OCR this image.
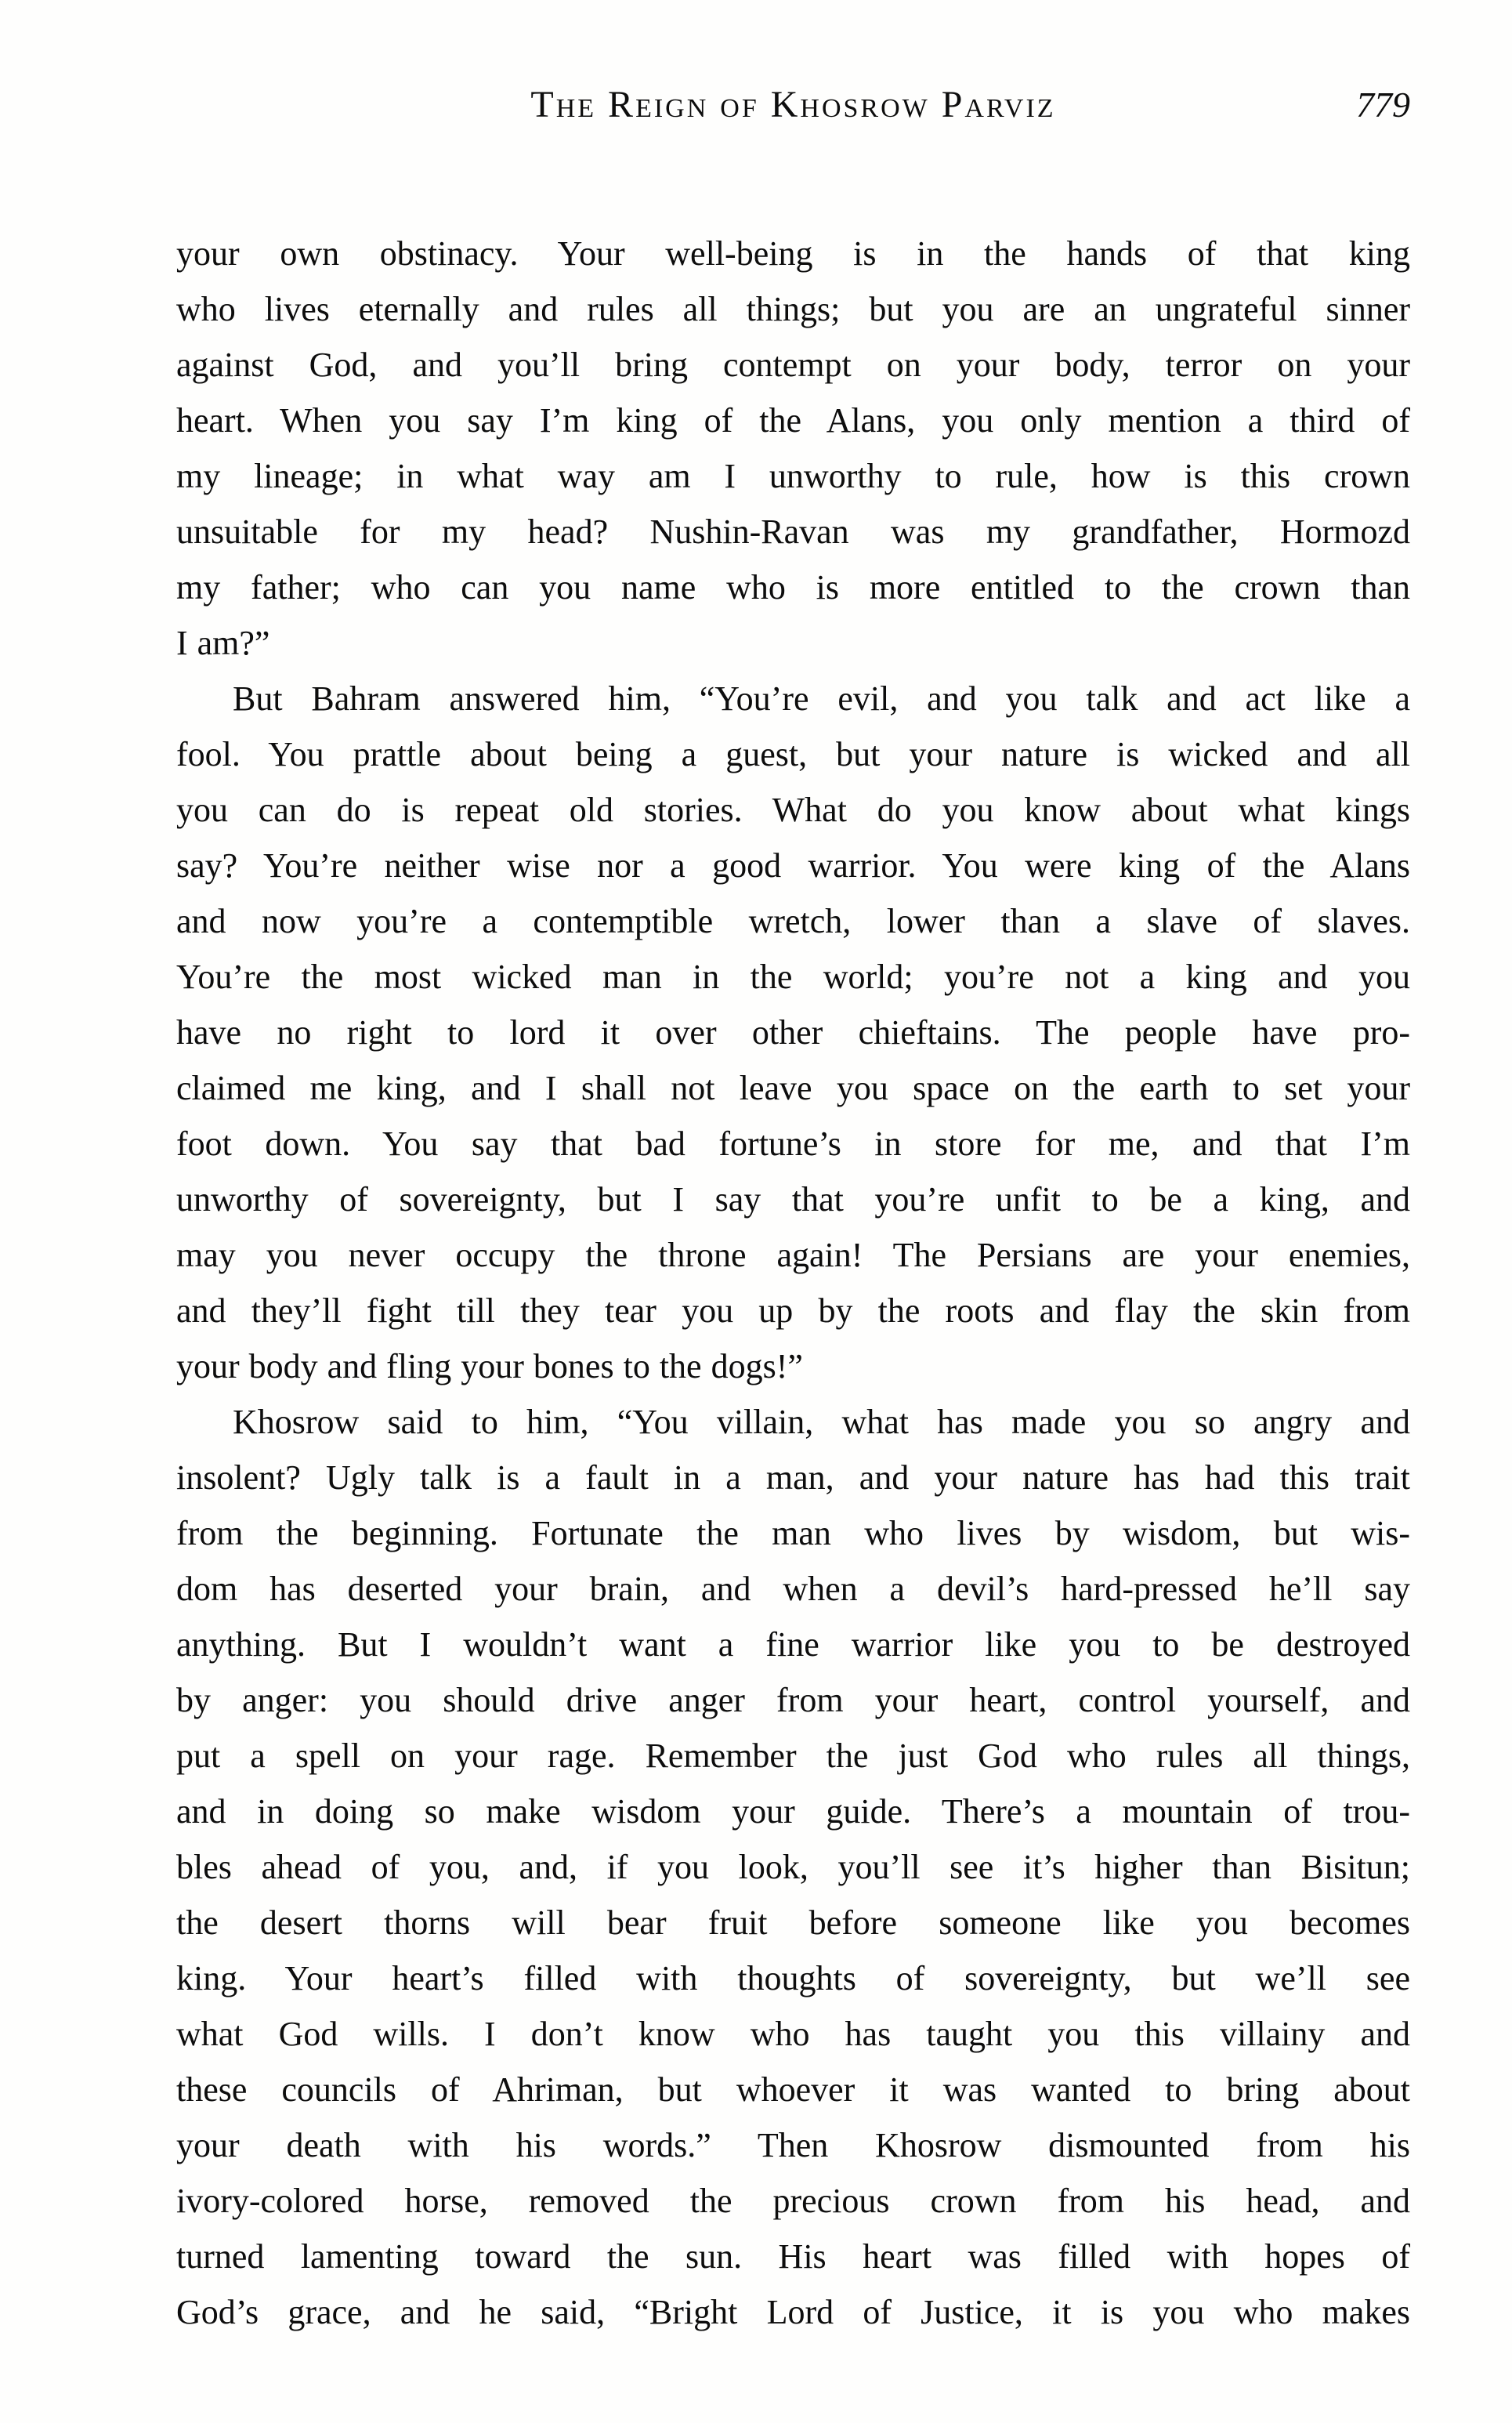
The Reign of Khosrow Parviz	779
your own obstinacy. Your well-being is in the hands of that king
who lives eternally and rules all things; but you are an ungrateful sinner
against God, and you’ll bring contempt on your body, terror on your
heart. When you say I’m king of the Alans, you only mention a third of
my lineage; in what way am I unworthy to rule, how is this crown
unsuitable for my head? Nushin-Ravan was my grandfather, Hormozd
my father; who can you name who is more entitled to the crown than
I am?”
But Bahram answered him, “You’re evil, and you talk and act like a
fool. You prattle about being a guest, but your nature is wicked and all
you can do is repeat old stories. What do you know about what kings
say? You’re neither wise nor a good warrior. You were king of the Alans
and now you’re a contemptible wretch, lower than a slave of slaves.
You’re the most wicked man in the world; you’re not a king and you
have no right to lord it over other chieftains. The people have pro-
claimed me king, and I shall not leave you space on the earth to set your
foot down. You say that bad fortune’s in store for me, and that I’m
unworthy of sovereignty, but I say that you’re unfit to be a king, and
may you never occupy the throne again! The Persians are your enemies,
and they’ll fight till they tear you up by the roots and flay the skin from
your body and fling your bones to the dogs!”
Khosrow said to him, “You villain, what has made you so angry and
insolent? Ugly talk is a fault in a man, and your nature has had this trait
from the beginning. Fortunate the man who lives by wisdom, but wis-
dom has deserted your brain, and when a devil’s hard-pressed he’ll say
anything. But I wouldn’t want a fine warrior like you to be destroyed
by anger: you should drive anger from your heart, control yourself, and
put a spell on your rage. Remember the just God who rules all things,
and in doing so make wisdom your guide. There’s a mountain of trou-
bles ahead of you, and, if you look, you’ll see it’s higher than Bisitun;
the desert thorns will bear fruit before someone like you becomes
king. Your heart’s filled with thoughts of sovereignty, but we’ll see
what God wills. I don’t know who has taught you this villainy and
these councils of Ahriman, but whoever it was wanted to bring about
your death with his words.” Then Khosrow dismounted from his
ivory-colored horse, removed the precious crown from his head, and
turned lamenting toward the sun. His heart was filled with hopes of
God’s grace, and he said, “Bright Lord of Justice, it is you who makes
